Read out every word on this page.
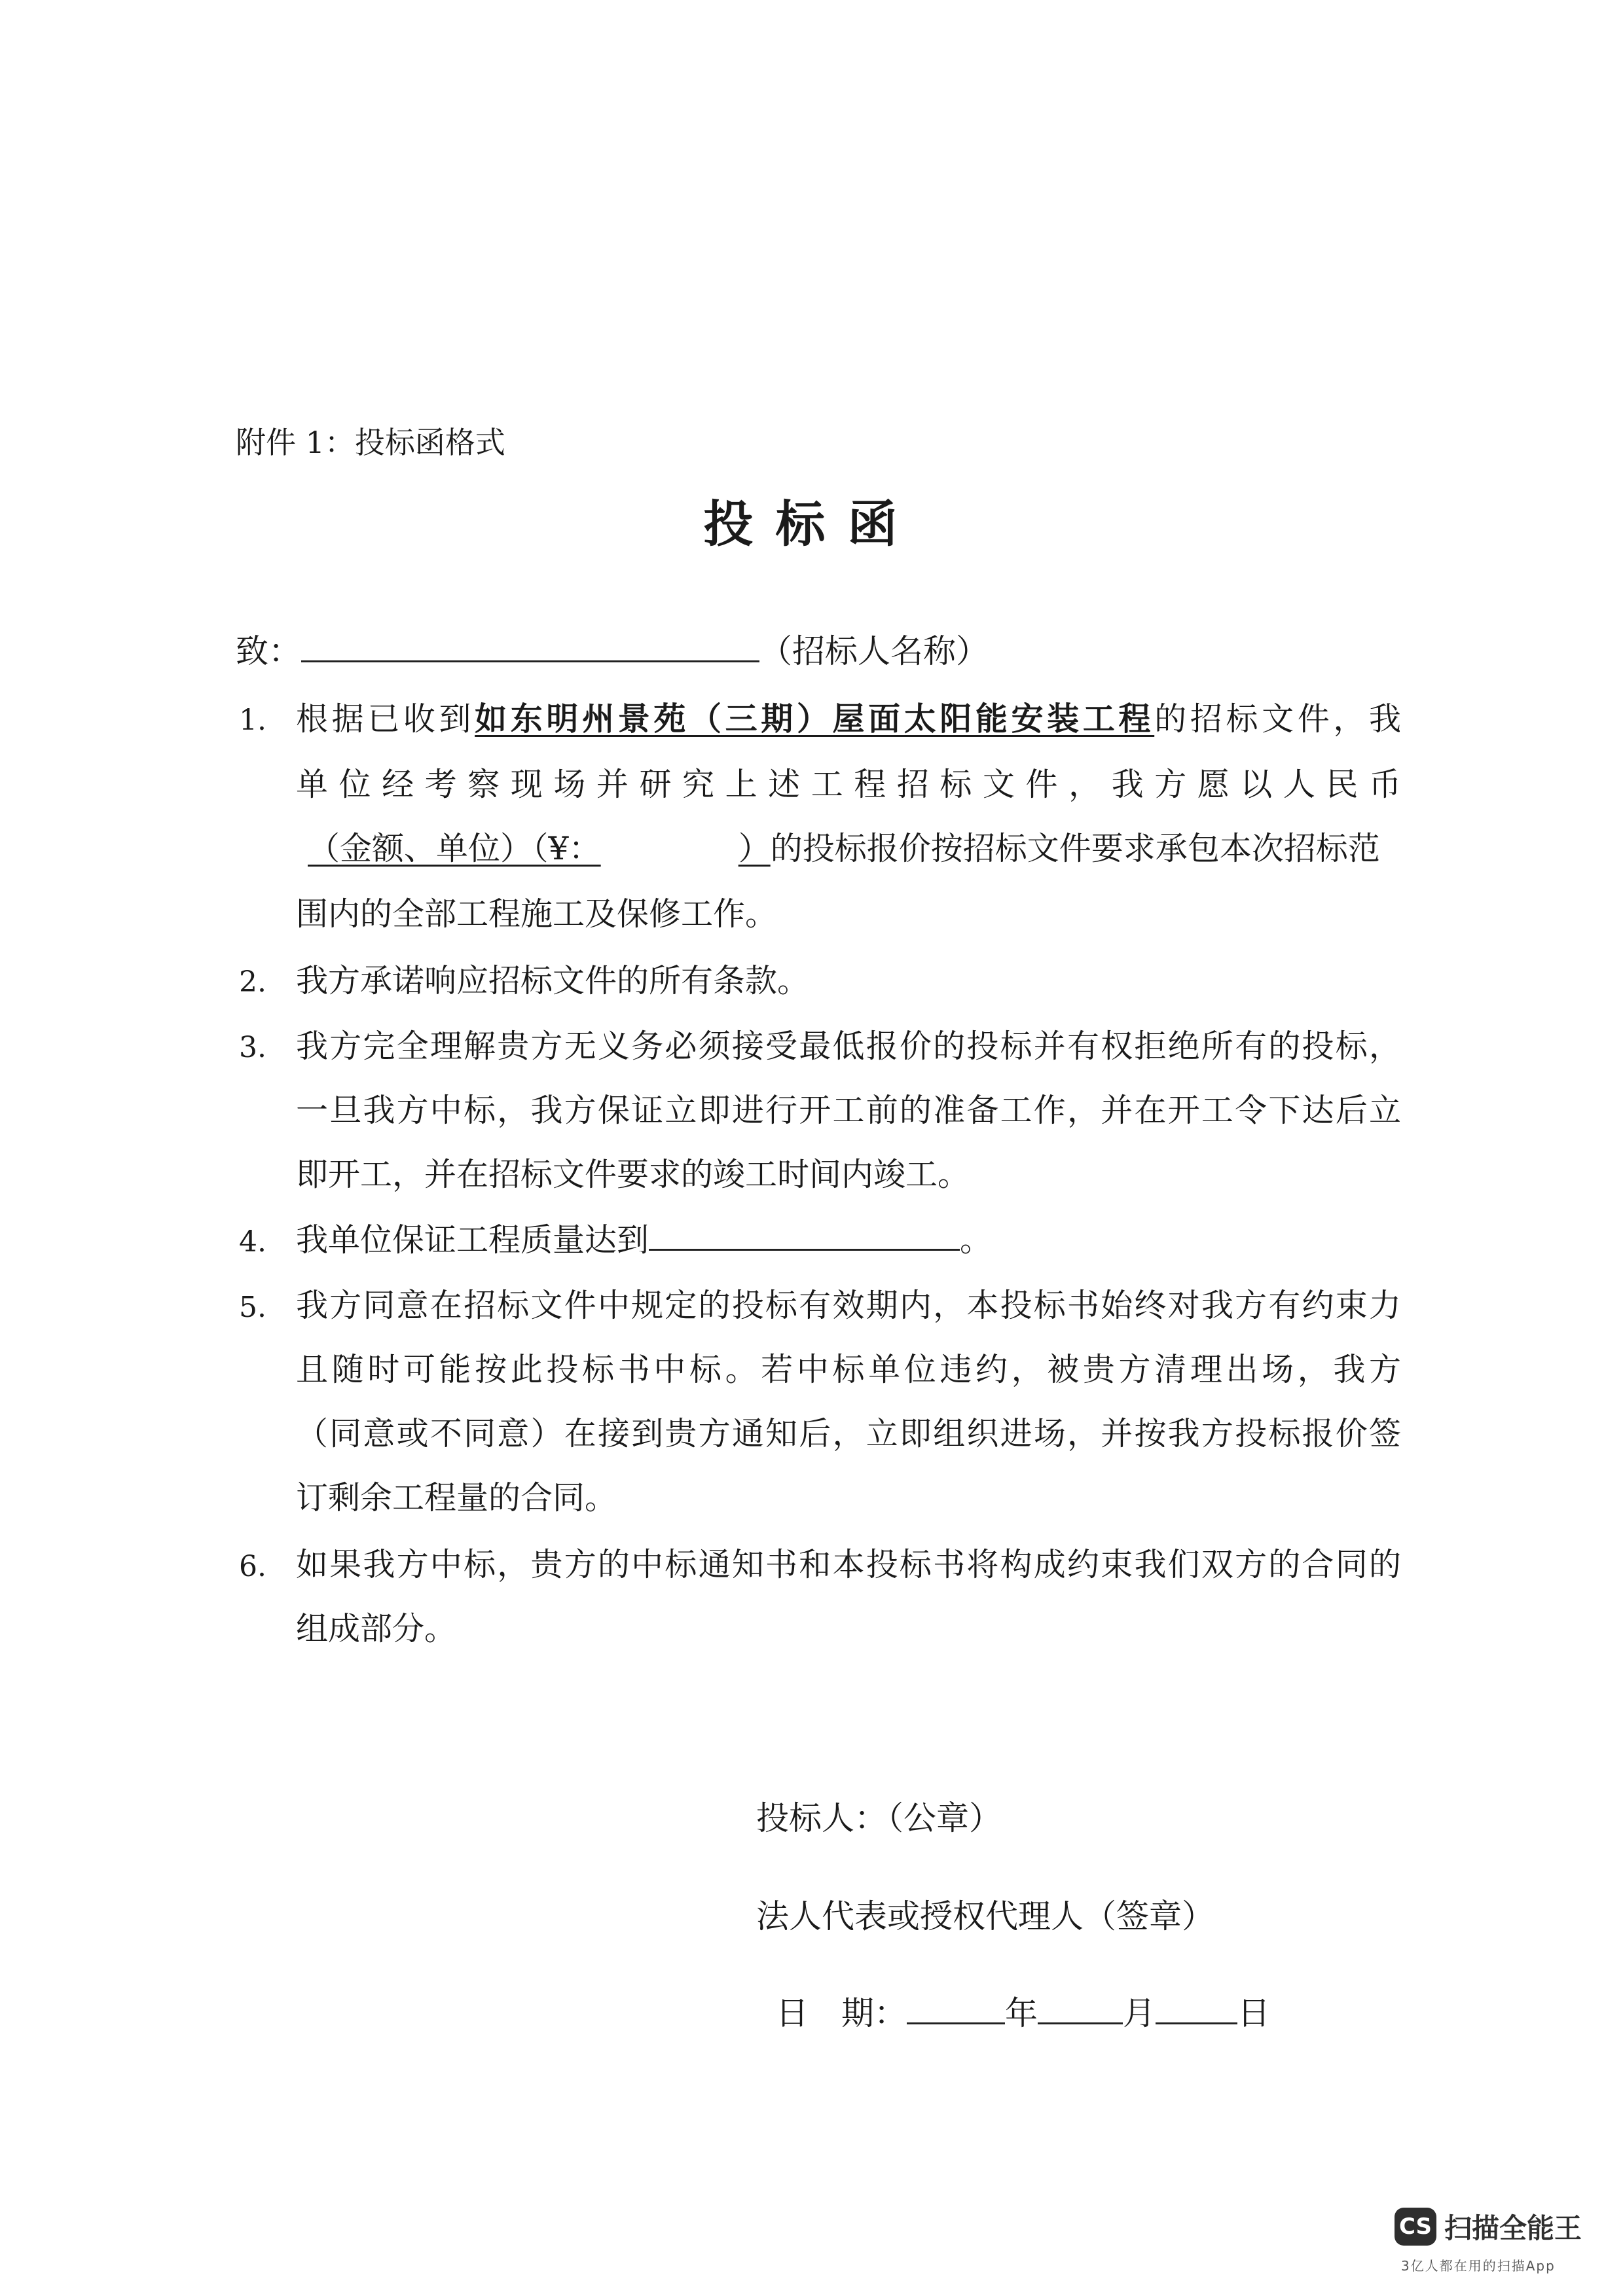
附件 1：投标函格式
投标函
致：	（招标人名称）
1. 根据已收到如东明州景苑（三期）屋面太阳能安装工程的招标文件，我
单位经考察现场并研究上述工程招标文件，我方愿以人民币
（金额、单位）（¥：	）的投标报价按招标文件要求承包本次招标范
围内的全部工程施工及保修工作。
2. 我方承诺响应招标文件的所有条款。
3. 我方完全理解贵方无义务必须接受最低报价的投标并有权拒绝所有的投标，
一旦我方中标，我方保证立即进行开工前的准备工作，并在开工令下达后立
即开工，并在招标文件要求的竣工时间内竣工。
4. 我单位保证工程质量达到	。
5. 我方同意在招标文件中规定的投标有效期内，本投标书始终对我方有约束力
且随时可能按此投标书中标。若中标单位违约，被贵方清理出场，我方
（同意或不同意）在接到贵方通知后，立即组织进场，并按我方投标报价签
订剩余工程量的合同。
6. 如果我方中标，贵方的中标通知书和本投标书将构成约束我们双方的合同的
组成部分。
投标人：（公章）
法人代表或授权代理人（签章）
日　期：	年	月	日
CS 扫描全能王
3亿人都在用的扫描App
